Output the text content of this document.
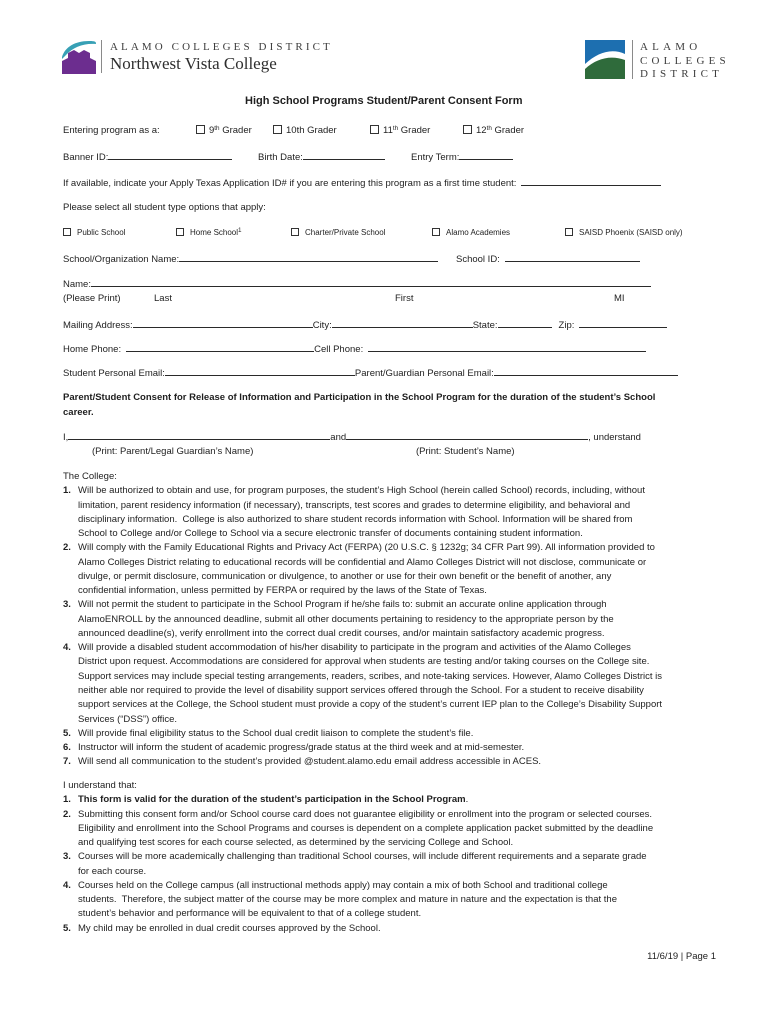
ALAMO COLLEGES DISTRICT
Northwest Vista College
ALAMO
COLLEGES
DISTRICT
High School Programs Student/Parent Consent Form
Entering program as a:	9th Grader	10th Grader	11th Grader	12th Grader
Banner ID:	Birth Date:	Entry Term:
If available, indicate your Apply Texas Application ID# if you are entering this program as a first time student:
Please select all student type options that apply:
Public School	Home School$^1$	Charter/Private School	Alamo Academies	SAISD Phoenix (SAISD only)
School/Organization Name:	School ID:
Name:
(Please Print)	Last	First	MI
Mailing Address:	City:	State:	Zip:
Home Phone:	Cell Phone:
Student Personal Email:	Parent/Guardian Personal Email:
Parent/Student Consent for Release of Information and Participation in the School Program for the duration of the student’s School
career.
I,	and	, understand
(Print: Parent/Legal Guardian’s Name)	(Print: Student’s Name)
The College:
1. Will be authorized to obtain and use, for program purposes, the student’s High School (herein called School) records, including, without
limitation, parent residency information (if necessary), transcripts, test scores and grades to determine eligibility, and behavioral and
disciplinary information.  College is also authorized to share student records information with School. Information will be shared from
School to College and/or College to School via a secure electronic transfer of documents containing student information.
2. Will comply with the Family Educational Rights and Privacy Act (FERPA) (20 U.S.C. § 1232g; 34 CFR Part 99). All information provided to
Alamo Colleges District relating to educational records will be confidential and Alamo Colleges District will not disclose, communicate or
divulge, or permit disclosure, communication or divulgence, to another or use for their own benefit or the benefit of another, any
confidential information, unless permitted by FERPA or required by the laws of the State of Texas.
3. Will not permit the student to participate in the School Program if he/she fails to: submit an accurate online application through
AlamoENROLL by the announced deadline, submit all other documents pertaining to residency to the appropriate person by the
announced deadline(s), verify enrollment into the correct dual credit courses, and/or maintain satisfactory academic progress.
4. Will provide a disabled student accommodation of his/her disability to participate in the program and activities of the Alamo Colleges
District upon request. Accommodations are considered for approval when students are testing and/or taking courses on the College site.
Support services may include special testing arrangements, readers, scribes, and note-taking services. However, Alamo Colleges District is
neither able nor required to provide the level of disability support services offered through the School. For a student to receive disability
support services at the College, the School student must provide a copy of the student’s current IEP plan to the College’s Disability Support
Services (“DSS”) office.
5. Will provide final eligibility status to the School dual credit liaison to complete the student’s file.
6. Instructor will inform the student of academic progress/grade status at the third week and at mid-semester.
7. Will send all communication to the student’s provided @student.alamo.edu email address accessible in ACES.
I understand that:
1. This form is valid for the duration of the student’s participation in the School Program.
2. Submitting this consent form and/or School course card does not guarantee eligibility or enrollment into the program or selected courses.
Eligibility and enrollment into the School Programs and courses is dependent on a complete application packet submitted by the deadline
and qualifying test scores for each course selected, as determined by the servicing College and School.
3. Courses will be more academically challenging than traditional School courses, will include different requirements and a separate grade
for each course.
4. Courses held on the College campus (all instructional methods apply) may contain a mix of both School and traditional college
students.  Therefore, the subject matter of the course may be more complex and mature in nature and the expectation is that the
student’s behavior and performance will be equivalent to that of a college student.
5. My child may be enrolled in dual credit courses approved by the School.
11/6/19 | Page 1
